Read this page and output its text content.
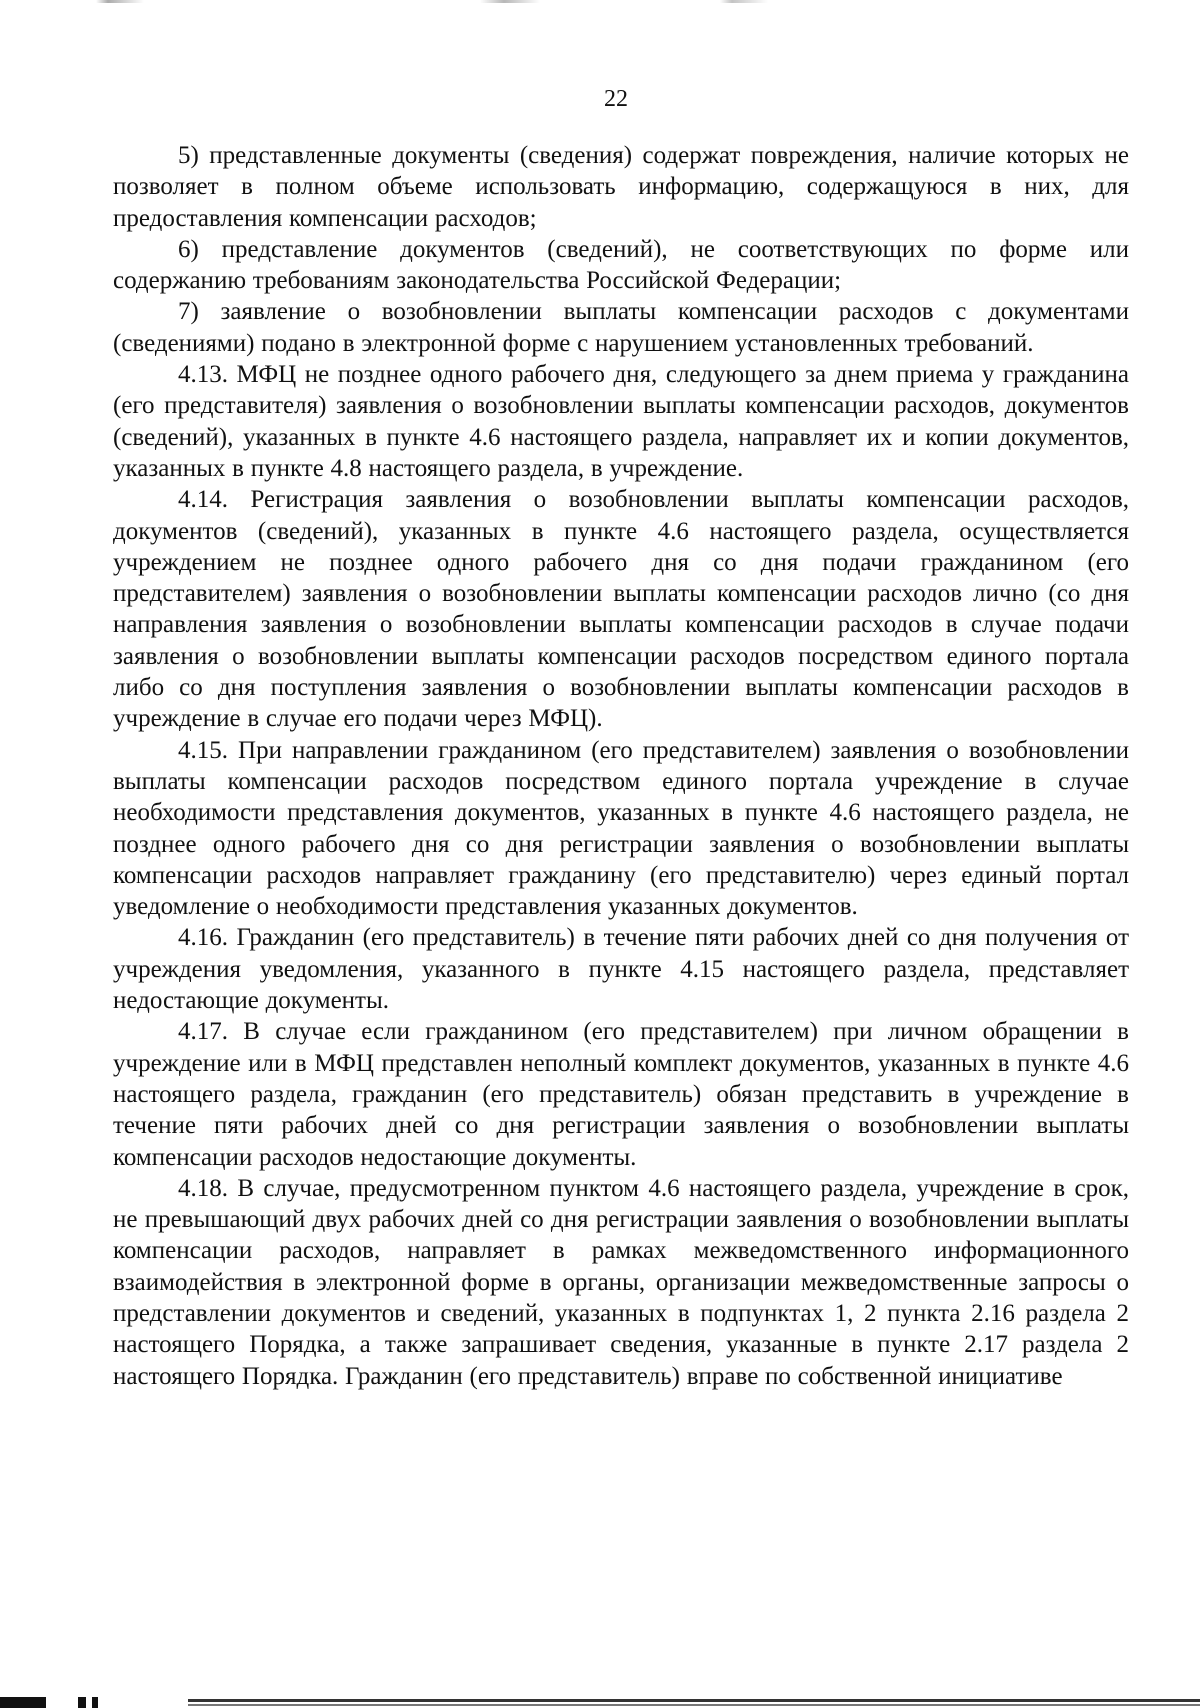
22

5) представленные документы (сведения) содержат повреждения, наличие которых не позволяет в полном объеме использовать информацию, содержащуюся в них, для предоставления компенсации расходов;

6) представление документов (сведений), не соответствующих по форме или содержанию требованиям законодательства Российской Федерации;

7) заявление о возобновлении выплаты компенсации расходов с документами (сведениями) подано в электронной форме с нарушением установленных требований.

4.13. МФЦ не позднее одного рабочего дня, следующего за днем приема у гражданина (его представителя) заявления о возобновлении выплаты компенсации расходов, документов (сведений), указанных в пункте 4.6 настоящего раздела, направляет их и копии документов, указанных в пункте 4.8 настоящего раздела, в учреждение.

4.14. Регистрация заявления о возобновлении выплаты компенсации расходов, документов (сведений), указанных в пункте 4.6 настоящего раздела, осуществляется учреждением не позднее одного рабочего дня со дня подачи гражданином (его представителем) заявления о возобновлении выплаты компенсации расходов лично (со дня направления заявления о возобновлении выплаты компенсации расходов в случае подачи заявления о возобновлении выплаты компенсации расходов посредством единого портала либо со дня поступления заявления о возобновлении выплаты компенсации расходов в учреждение в случае его подачи через МФЦ).

4.15. При направлении гражданином (его представителем) заявления о возобновлении выплаты компенсации расходов посредством единого портала учреждение в случае необходимости представления документов, указанных в пункте 4.6 настоящего раздела, не позднее одного рабочего дня со дня регистрации заявления о возобновлении выплаты компенсации расходов направляет гражданину (его представителю) через единый портал уведомление о необходимости представления указанных документов.

4.16. Гражданин (его представитель) в течение пяти рабочих дней со дня получения от учреждения уведомления, указанного в пункте 4.15 настоящего раздела, представляет недостающие документы.

4.17. В случае если гражданином (его представителем) при личном обращении в учреждение или в МФЦ представлен неполный комплект документов, указанных в пункте 4.6 настоящего раздела, гражданин (его представитель) обязан представить в учреждение в течение пяти рабочих дней со дня регистрации заявления о возобновлении выплаты компенсации расходов недостающие документы.

4.18. В случае, предусмотренном пунктом 4.6 настоящего раздела, учреждение в срок, не превышающий двух рабочих дней со дня регистрации заявления о возобновлении выплаты компенсации расходов, направляет в рамках межведомственного информационного взаимодействия в электронной форме в органы, организации межведомственные запросы о представлении документов и сведений, указанных в подпунктах 1, 2 пункта 2.16 раздела 2 настоящего Порядка, а также запрашивает сведения, указанные в пункте 2.17 раздела 2 настоящего Порядка. Гражданин (его представитель) вправе по собственной инициативе
